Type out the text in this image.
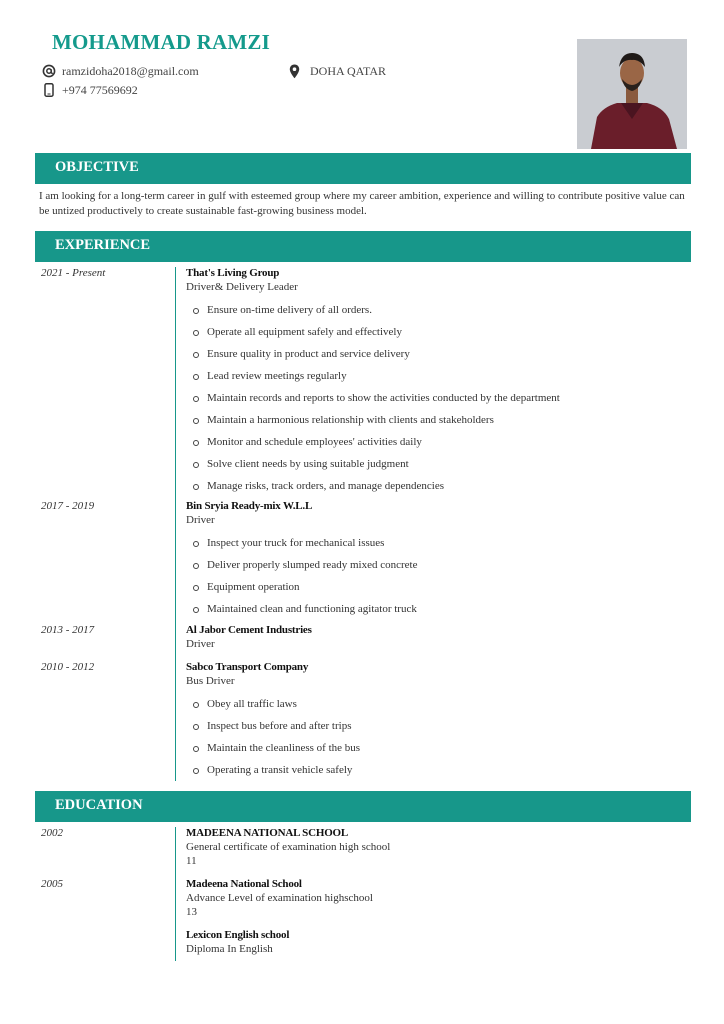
MOHAMMAD RAMZI
ramzidoha2018@gmail.com
+974 77569692
DOHA QATAR
OBJECTIVE
I am looking for a long-term career in gulf with esteemed group where my career ambition, experience and willing to contribute positive value can be untized productively to create sustainable fast-growing business model.
EXPERIENCE
2021 - Present	That's Living Group
Driver& Delivery Leader
Ensure on-time delivery of all orders.
Operate all equipment safely and effectively
Ensure quality in product and service delivery
Lead review meetings regularly
Maintain records and reports to show the activities conducted by the department
Maintain a harmonious relationship with clients and stakeholders
Monitor and schedule employees' activities daily
Solve client needs by using suitable judgment
Manage risks, track orders, and manage dependencies
2017 - 2019	Bin Sryia Ready-mix W.L.L
Driver
Inspect your truck for mechanical issues
Deliver properly slumped ready mixed concrete
Equipment operation
Maintained clean and functioning agitator truck
2013 - 2017	Al Jabor Cement Industries
Driver
2010 - 2012	Sabco Transport Company
Bus Driver
Obey all traffic laws
Inspect bus before and after trips
Maintain the cleanliness of the bus
Operating a transit vehicle safely
EDUCATION
2002	MADEENA NATIONAL SCHOOL
General certificate of examination high school
11
2005	Madeena National School
Advance Level of examination highschool
13
Lexicon English school
Diploma In English
